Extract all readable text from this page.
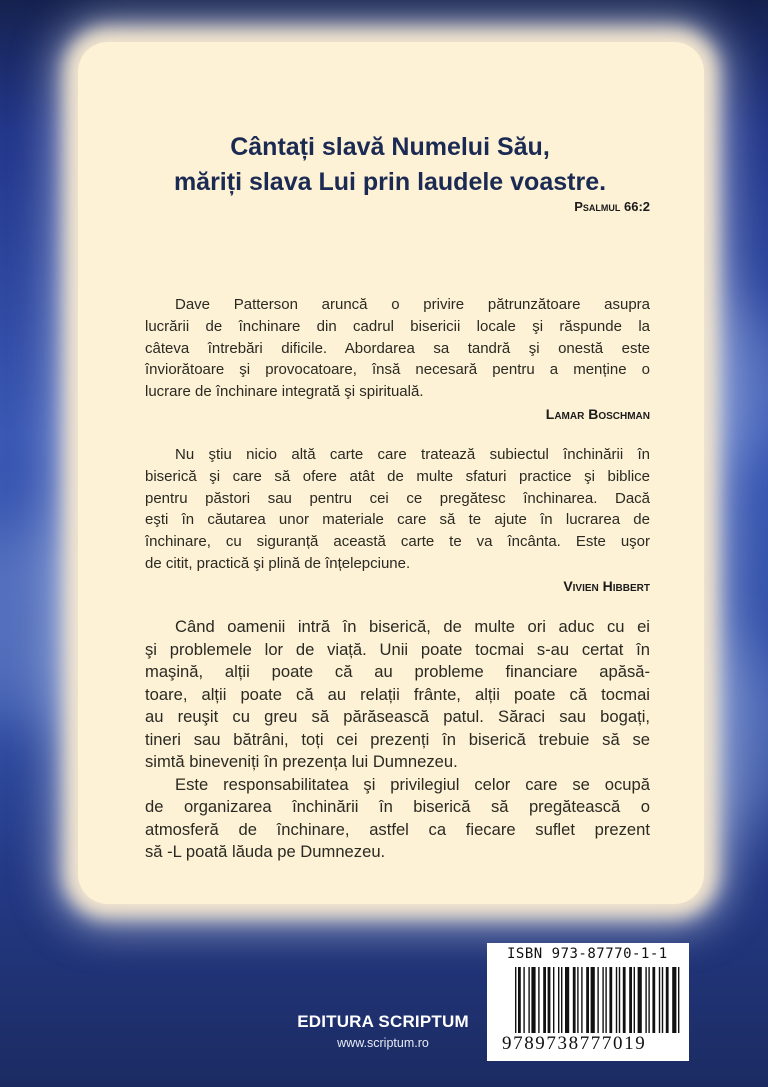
Cântați slavă Numelui Său,
măriți slava Lui prin laudele voastre.
Psalmul 66:2
Dave Patterson aruncă o privire pătrunzătoare asupra
lucrării de închinare din cadrul bisericii locale şi răspunde la
câteva întrebări dificile. Abordarea sa tandră şi onestă este
înviorătoare şi provocatoare, însă necesară pentru a menține o
lucrare de închinare integrată şi spirituală.
Lamar Boschman
Nu ştiu nicio altă carte care tratează subiectul închinării în
biserică şi care să ofere atât de multe sfaturi practice şi biblice
pentru păstori sau pentru cei ce pregătesc închinarea. Dacă
eşti în căutarea unor materiale care să te ajute în lucrarea de
închinare, cu siguranță această carte te va încânta. Este uşor
de citit, practică şi plină de înțelepciune.
Vivien Hibbert
Când oamenii intră în biserică, de multe ori aduc cu ei
şi problemele lor de viață. Unii poate tocmai s-au certat în
maşină, alții poate că au probleme financiare apăsă-
toare, alții poate că au relații frânte, alții poate că tocmai
au reuşit cu greu să părăsească patul. Săraci sau bogați,
tineri sau bătrâni, toți cei prezenți în biserică trebuie să se
simtă bineveniți în prezența lui Dumnezeu.
Este responsabilitatea şi privilegiul celor care se ocupă
de organizarea închinării în biserică să pregătească o
atmosferă de închinare, astfel ca fiecare suflet prezent
să -L poată lăuda pe Dumnezeu.
EDITURA SCRIPTUM
www.scriptum.ro
ISBN 973-87770-1-1
9789738777019
